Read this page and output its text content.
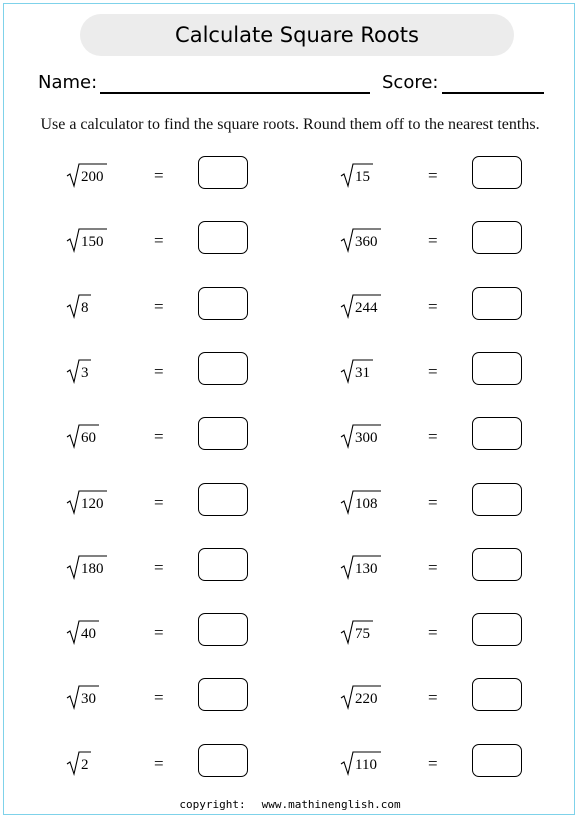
Calculate Square Roots
Name:	Score:
Use a calculator to find the square roots. Round them off to the nearest tenths.
200	=
150	=
8	=
3	=
60	=
120	=
180	=
40	=
30	=
2	=
15	=
360	=
244	=
31	=
300	=
108	=
130	=
75	=
220	=
110	=
copyright: www.mathinenglish.com
